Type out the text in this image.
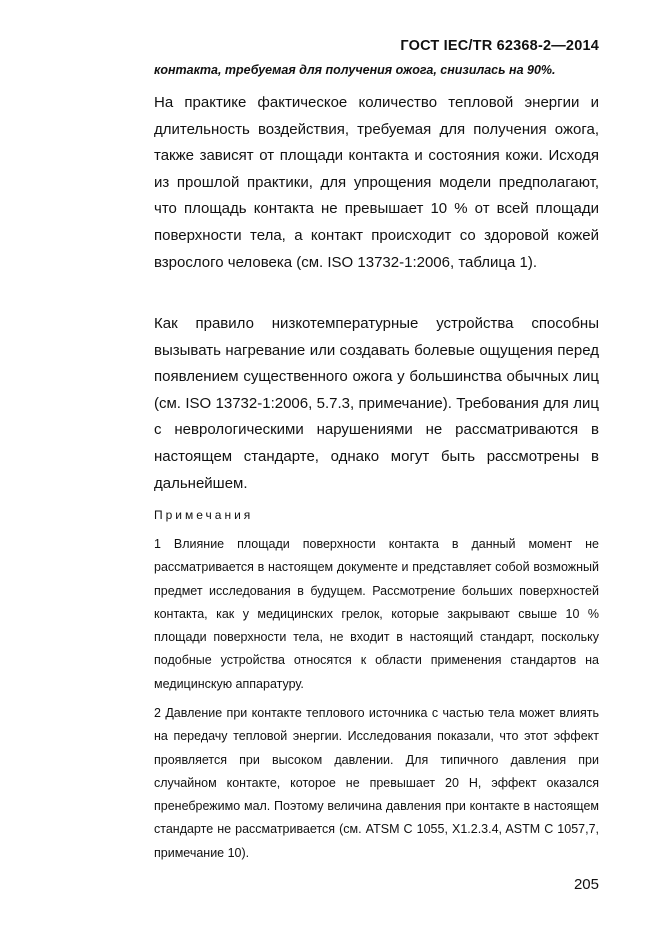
ГОСТ IEC/TR 62368-2—2014
контакта, требуемая для получения ожога, снизилась на 90%.

На практике фактическое количество тепловой энергии и длительность воздействия, требуемая для получения ожога, также зависят от площади контакта и состояния кожи. Исходя из прошлой практики, для упрощения модели предполагают, что площадь контакта не превышает 10 % от всей площади поверхности тела, а контакт происходит со здоровой кожей взрослого человека (см. ISO 13732-1:2006, таблица 1).

Как правило низкотемпературные устройства способны вызывать нагревание или создавать болевые ощущения перед появлением существенного ожога у большинства обычных лиц (см. ISO 13732-1:2006, 5.7.3, примечание). Требования для лиц с неврологическими нарушениями не рассматриваются в настоящем стандарте, однако могут быть рассмотрены в дальнейшем.

Примечания

1 Влияние площади поверхности контакта в данный момент не рассматривается в настоящем документе и представляет собой возможный предмет исследования в будущем. Рассмотрение больших поверхностей контакта, как у медицинских грелок, которые закрывают свыше 10 % площади поверхности тела, не входит в настоящий стандарт, поскольку подобные устройства относятся к области применения стандартов на медицинскую аппаратуру.

2 Давление при контакте теплового источника с частью тела может влиять на передачу тепловой энергии. Исследования показали, что этот эффект проявляется при высоком давлении. Для типичного давления при случайном контакте, которое не превышает 20 Н, эффект оказался пренебрежимо мал. Поэтому величина давления при контакте в настоящем стандарте не рассматривается (см. ATSM C 1055, X1.2.3.4, ASTM C 1057,7, примечание 10).

205
